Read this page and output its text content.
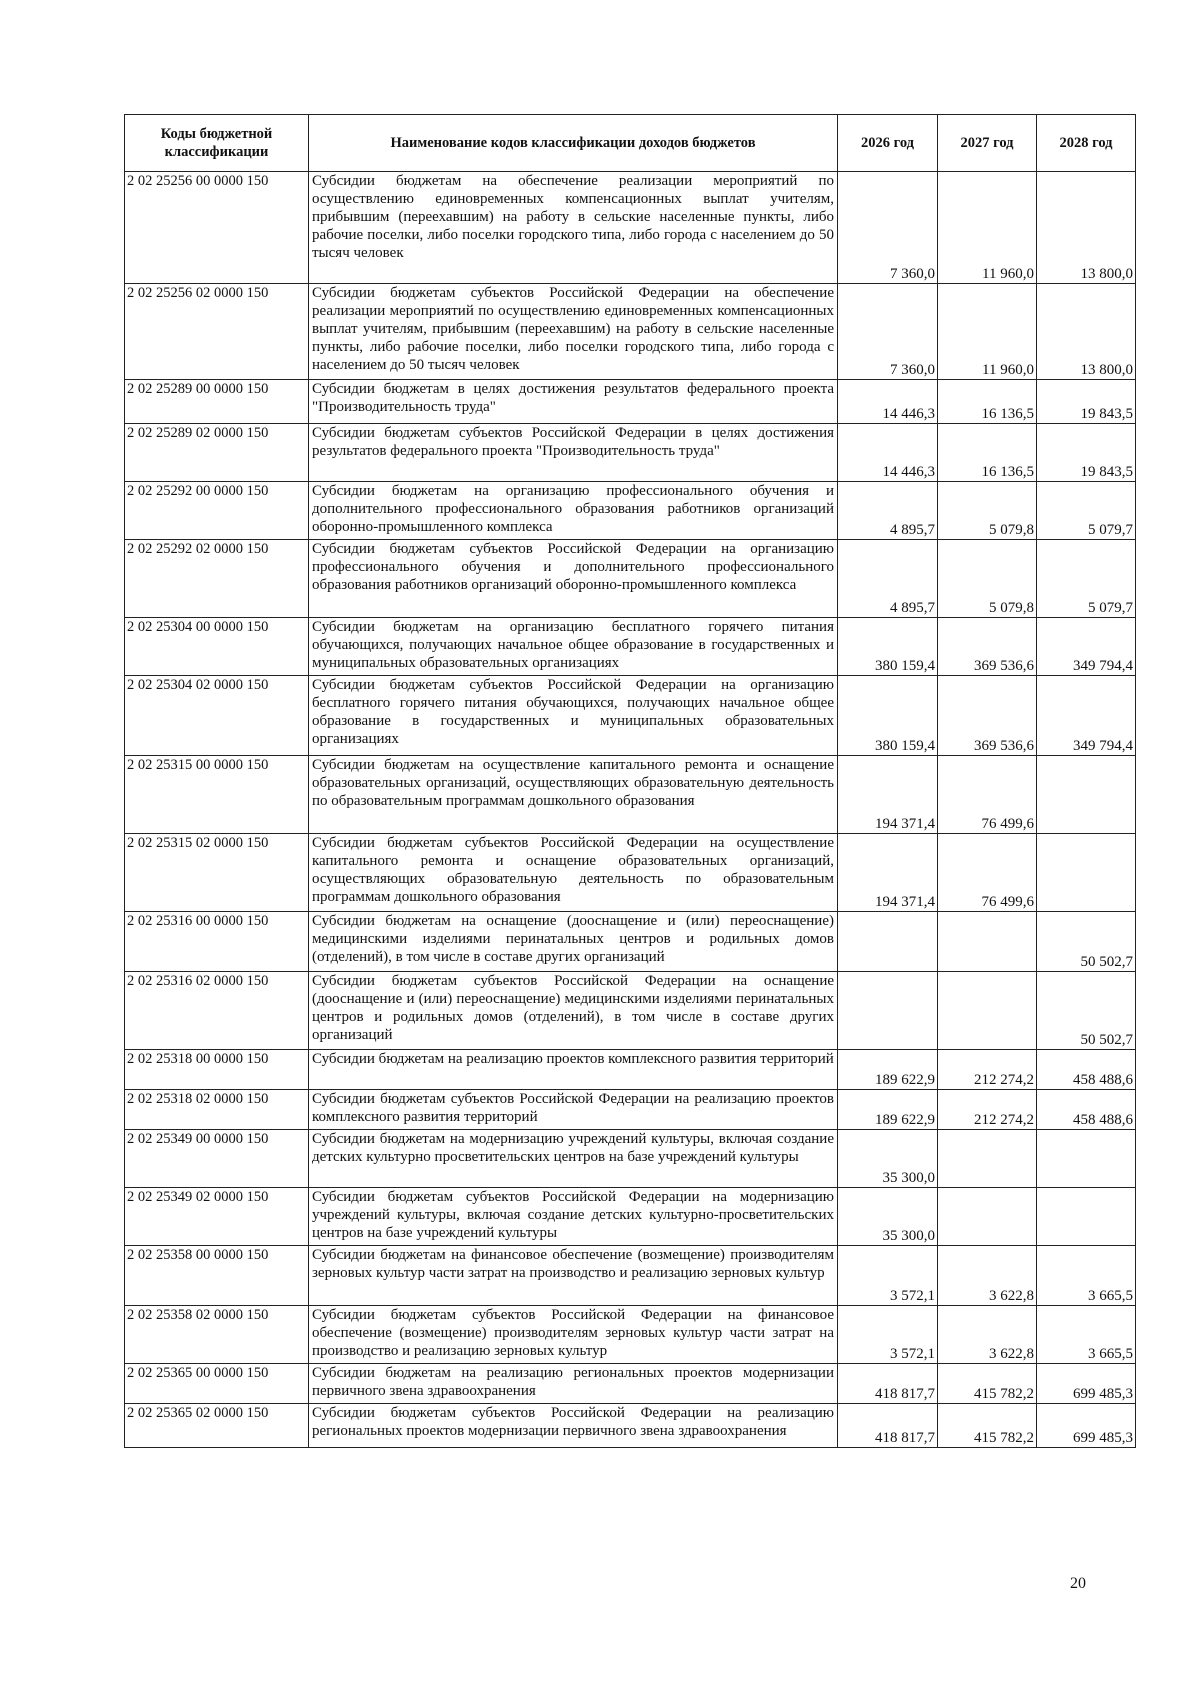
Коды бюджетной классификации	Наименование кодов классификации доходов бюджетов	2026 год	2027 год	2028 год
2 02 25256 00 0000 150	Субсидии бюджетам на обеспечение реализации мероприятий по осуществлению единовременных компенсационных выплат учителям, прибывшим (переехавшим) на работу в сельские населенные пункты, либо рабочие поселки, либо поселки городского типа, либо города с населением до 50 тысяч человек	7 360,0	11 960,0	13 800,0
2 02 25256 02 0000 150	Субсидии бюджетам субъектов Российской Федерации на обеспечение реализации мероприятий по осуществлению единовременных компенсационных выплат учителям, прибывшим (переехавшим) на работу в сельские населенные пункты, либо рабочие поселки, либо поселки городского типа, либо города с населением до 50 тысяч человек	7 360,0	11 960,0	13 800,0
2 02 25289 00 0000 150	Субсидии бюджетам в целях достижения результатов федерального проекта "Производительность труда"	14 446,3	16 136,5	19 843,5
2 02 25289 02 0000 150	Субсидии бюджетам субъектов Российской Федерации в целях достижения результатов федерального проекта "Производительность труда"	14 446,3	16 136,5	19 843,5
2 02 25292 00 0000 150	Субсидии бюджетам на организацию профессионального обучения и дополнительного профессионального образования работников организаций оборонно-промышленного комплекса	4 895,7	5 079,8	5 079,7
2 02 25292 02 0000 150	Субсидии бюджетам субъектов Российской Федерации на организацию профессионального обучения и дополнительного профессионального образования работников организаций оборонно-промышленного комплекса	4 895,7	5 079,8	5 079,7
2 02 25304 00 0000 150	Субсидии бюджетам на организацию бесплатного горячего питания обучающихся, получающих начальное общее образование в государственных и муниципальных образовательных организациях	380 159,4	369 536,6	349 794,4
2 02 25304 02 0000 150	Субсидии бюджетам субъектов Российской Федерации на организацию бесплатного горячего питания обучающихся, получающих начальное общее образование в государственных и муниципальных образовательных организациях	380 159,4	369 536,6	349 794,4
2 02 25315 00 0000 150	Субсидии бюджетам на осуществление капитального ремонта и оснащение образовательных организаций, осуществляющих образовательную деятельность по образовательным программам дошкольного образования	194 371,4	76 499,6	
2 02 25315 02 0000 150	Субсидии бюджетам субъектов Российской Федерации на осуществление капитального ремонта и оснащение образовательных организаций, осуществляющих образовательную деятельность по образовательным программам дошкольного образования	194 371,4	76 499,6	
2 02 25316 00 0000 150	Субсидии бюджетам на оснащение (дооснащение и (или) переоснащение) медицинскими изделиями перинатальных центров и родильных домов (отделений), в том числе в составе других организаций			50 502,7
2 02 25316 02 0000 150	Субсидии бюджетам субъектов Российской Федерации на оснащение (дооснащение и (или) переоснащение) медицинскими изделиями перинатальных центров и родильных домов (отделений), в том числе в составе других организаций			50 502,7
2 02 25318 00 0000 150	Субсидии бюджетам на реализацию проектов комплексного развития территорий	189 622,9	212 274,2	458 488,6
2 02 25318 02 0000 150	Субсидии бюджетам субъектов Российской Федерации на реализацию проектов комплексного развития территорий	189 622,9	212 274,2	458 488,6
2 02 25349 00 0000 150	Субсидии бюджетам на модернизацию учреждений культуры, включая создание детских культурно просветительских центров на базе учреждений культуры	35 300,0		
2 02 25349 02 0000 150	Субсидии бюджетам субъектов Российской Федерации на модернизацию учреждений культуры, включая создание детских культурно-просветительских центров на базе учреждений культуры	35 300,0		
2 02 25358 00 0000 150	Субсидии бюджетам на финансовое обеспечение (возмещение) производителям зерновых культур части затрат на производство и реализацию зерновых культур	3 572,1	3 622,8	3 665,5
2 02 25358 02 0000 150	Субсидии бюджетам субъектов Российской Федерации на финансовое обеспечение (возмещение) производителям зерновых культур части затрат на производство и реализацию зерновых культур	3 572,1	3 622,8	3 665,5
2 02 25365 00 0000 150	Субсидии бюджетам на реализацию региональных проектов модернизации первичного звена здравоохранения	418 817,7	415 782,2	699 485,3
2 02 25365 02 0000 150	Субсидии бюджетам субъектов Российской Федерации на реализацию региональных проектов модернизации первичного звена здравоохранения	418 817,7	415 782,2	699 485,3
20
